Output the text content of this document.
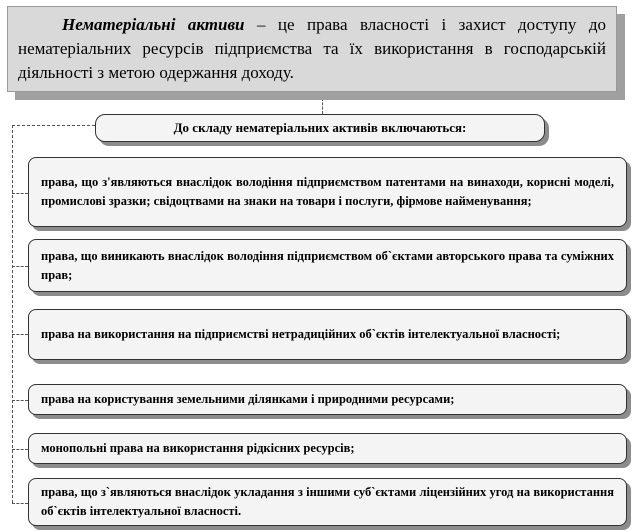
Нематеріальні активи – це права власності і захист доступу до нематеріальних ресурсів підприємства та їх використання в господарській діяльності з метою одержання доходу.

До складу нематеріальних активів включаються:
права, що з'являються внаслідок володіння підприємством патентами на винаходи, корисні моделі, промислові зразки; свідоцтвами на знаки на товари і послуги, фірмове найменування;
права, що виникають внаслідок володіння підприємством об`єктами авторського права та суміжних прав;
права на використання на підприємстві нетрадиційних об`єктів інтелектуальної власності;
права на користування земельними ділянками і природними ресурсами;
монопольні права на використання рідкісних ресурсів;
права, що з`являються внаслідок укладання з іншими суб`єктами ліцензійних угод на використання об`єктів інтелектуальної власності.
